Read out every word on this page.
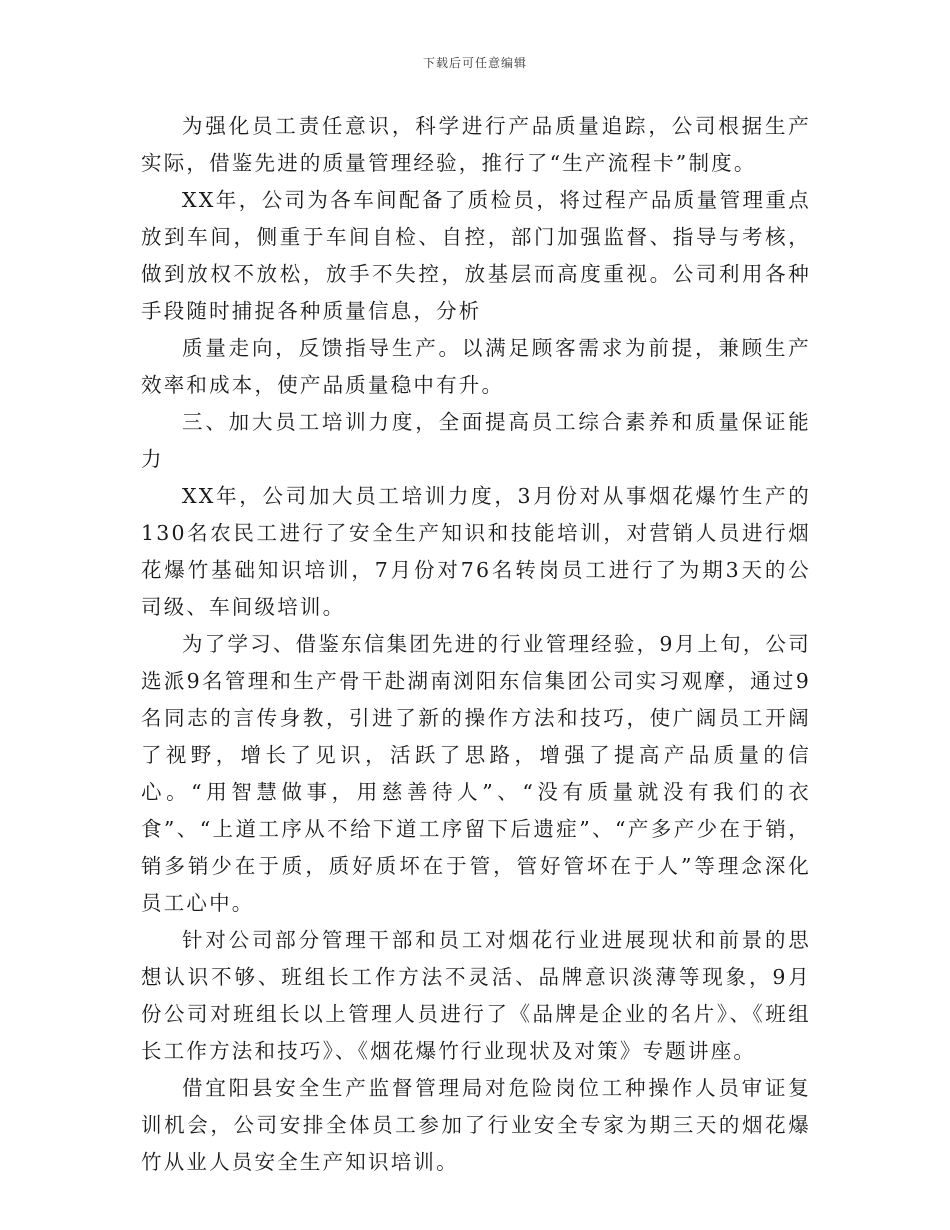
下载后可任意编辑

为强化员工责任意识，科学进行产品质量追踪，公司根据生产实际，借鉴先进的质量管理经验，推行了“生产流程卡”制度。

XX年，公司为各车间配备了质检员，将过程产品质量管理重点放到车间，侧重于车间自检、自控，部门加强监督、指导与考核，做到放权不放松，放手不失控，放基层而高度重视。公司利用各种手段随时捕捉各种质量信息，分析

质量走向，反馈指导生产。以满足顾客需求为前提，兼顾生产效率和成本，使产品质量稳中有升。

三、加大员工培训力度，全面提高员工综合素养和质量保证能力

XX年，公司加大员工培训力度，3月份对从事烟花爆竹生产的130名农民工进行了安全生产知识和技能培训，对营销人员进行烟花爆竹基础知识培训，7月份对76名转岗员工进行了为期3天的公司级、车间级培训。

为了学习、借鉴东信集团先进的行业管理经验，9月上旬，公司选派9名管理和生产骨干赴湖南浏阳东信集团公司实习观摩，通过9名同志的言传身教，引进了新的操作方法和技巧，使广阔员工开阔了视野，增长了见识，活跃了思路，增强了提高产品质量的信心。“用智慧做事，用慈善待人”、“没有质量就没有我们的衣食”、“上道工序从不给下道工序留下后遗症”、“产多产少在于销，销多销少在于质，质好质坏在于管，管好管坏在于人”等理念深化员工心中。

针对公司部分管理干部和员工对烟花行业进展现状和前景的思想认识不够、班组长工作方法不灵活、品牌意识淡薄等现象，9月份公司对班组长以上管理人员进行了《品牌是企业的名片》、《班组长工作方法和技巧》、《烟花爆竹行业现状及对策》专题讲座。

借宜阳县安全生产监督管理局对危险岗位工种操作人员审证复训机会，公司安排全体员工参加了行业安全专家为期三天的烟花爆竹从业人员安全生产知识培训。
